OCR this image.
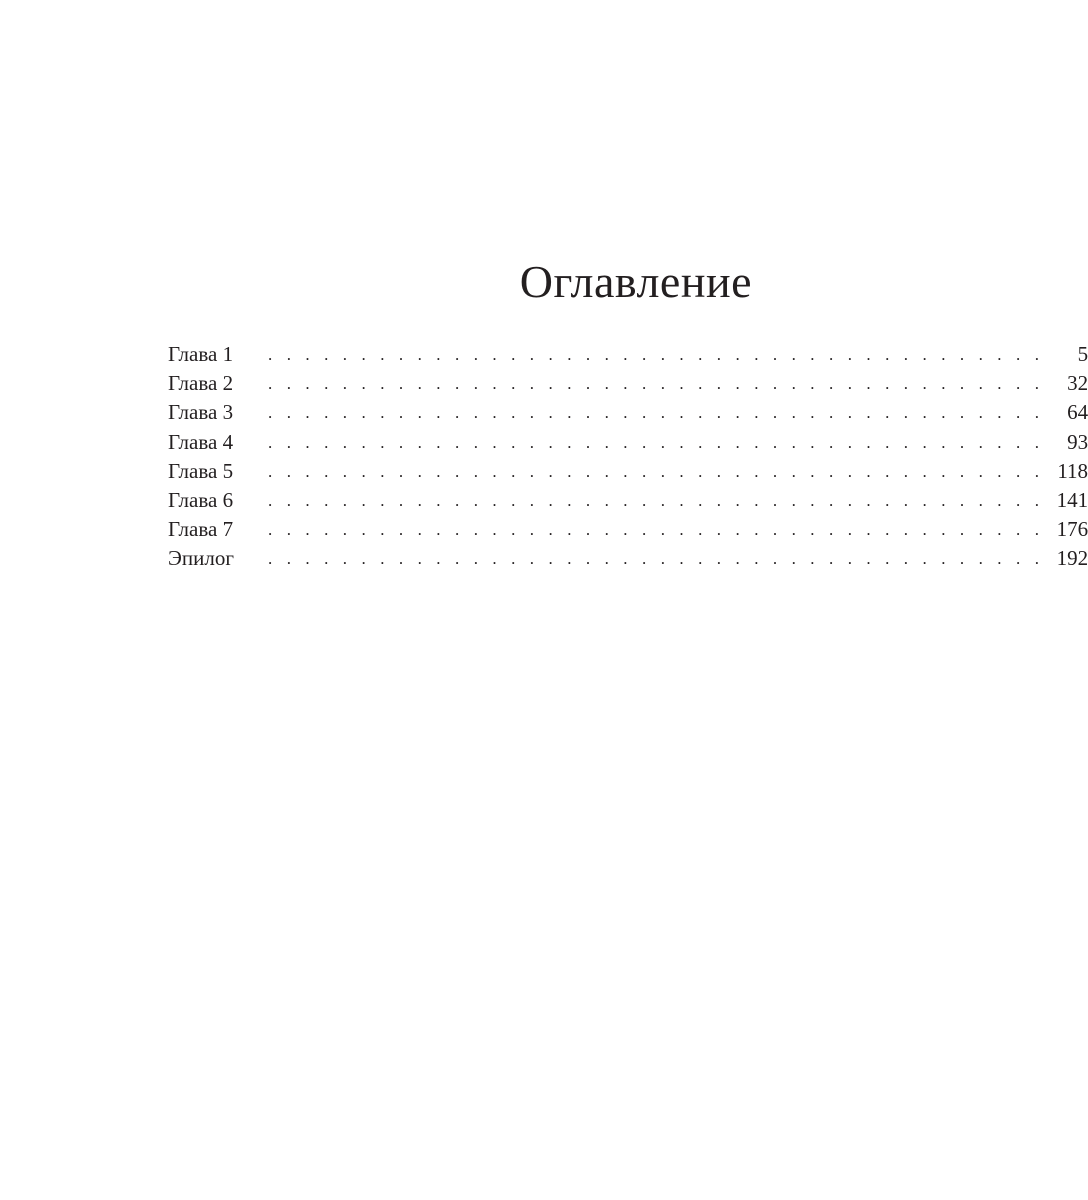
Оглавление
Глава 1	. . . . . . . . . . . . . . . . . . . . . . . . . . . . . . . . . . . . . . . . . .	5
Глава 2	. . . . . . . . . . . . . . . . . . . . . . . . . . . . . . . . . . . . . . . . . .	32
Глава 3	. . . . . . . . . . . . . . . . . . . . . . . . . . . . . . . . . . . . . . . . . .	64
Глава 4	. . . . . . . . . . . . . . . . . . . . . . . . . . . . . . . . . . . . . . . . . .	93
Глава 5	. . . . . . . . . . . . . . . . . . . . . . . . . . . . . . . . . . . . . . . . . . 118
Глава 6	. . . . . . . . . . . . . . . . . . . . . . . . . . . . . . . . . . . . . . . . . . 141
Глава 7	. . . . . . . . . . . . . . . . . . . . . . . . . . . . . . . . . . . . . . . . . . 176
Эпилог	. . . . . . . . . . . . . . . . . . . . . . . . . . . . . . . . . . . . . . . . . . 192
